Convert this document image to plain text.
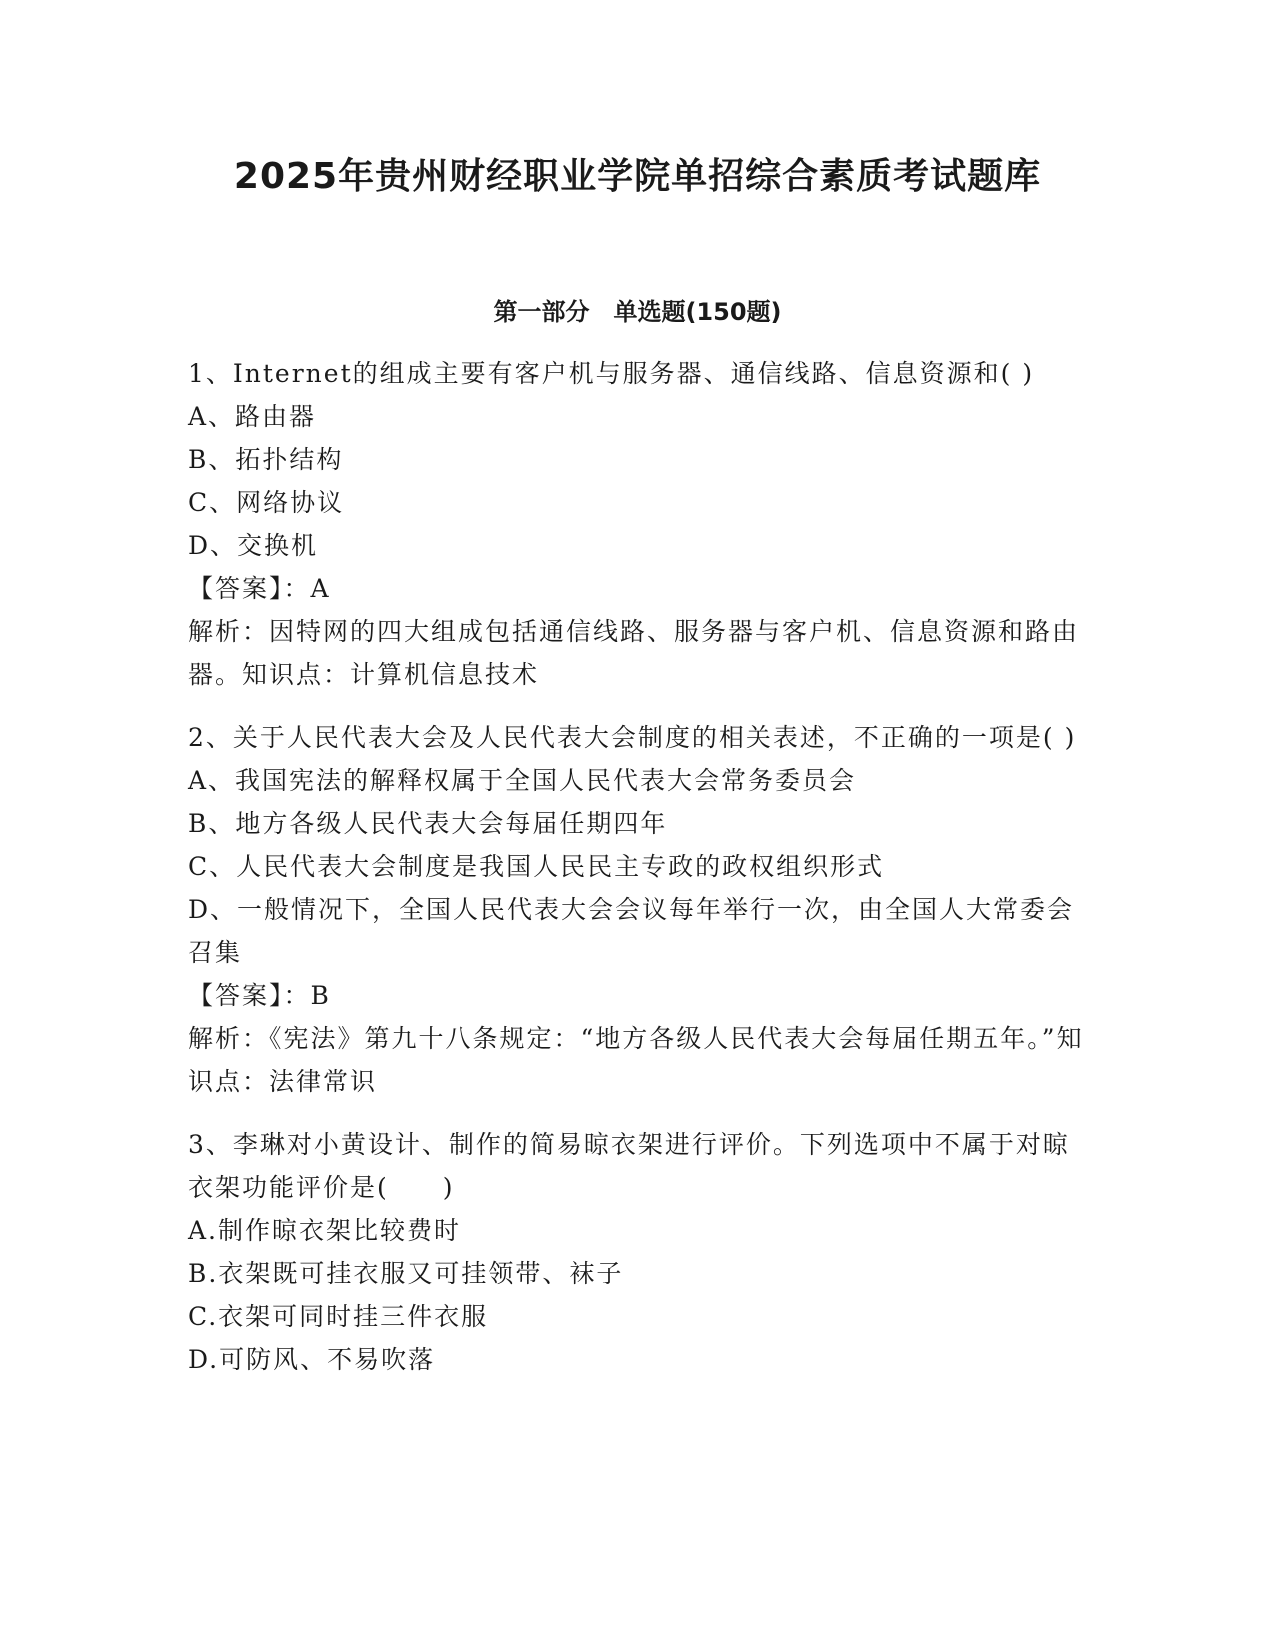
2025年贵州财经职业学院单招综合素质考试题库
第一部分　单选题(150题)

1、Internet的组成主要有客户机与服务器、通信线路、信息资源和( )

A、路由器

B、拓扑结构

C、网络协议

D、交换机

【答案】：A

解析：因特网的四大组成包括通信线路、服务器与客户机、信息资源和路由器。知识点：计算机信息技术

2、关于人民代表大会及人民代表大会制度的相关表述，不正确的一项是( )

A、我国宪法的解释权属于全国人民代表大会常务委员会

B、地方各级人民代表大会每届任期四年

C、人民代表大会制度是我国人民民主专政的政权组织形式

D、一般情况下，全国人民代表大会会议每年举行一次，由全国人大常委会召集

【答案】：B

解析：《宪法》第九十八条规定：“地方各级人民代表大会每届任期五年。”知识点：法律常识

3、李琳对小黄设计、制作的简易晾衣架进行评价。下列选项中不属于对晾衣架功能评价是(　　)

A.制作晾衣架比较费时

B.衣架既可挂衣服又可挂领带、袜子

C.衣架可同时挂三件衣服

D.可防风、不易吹落
